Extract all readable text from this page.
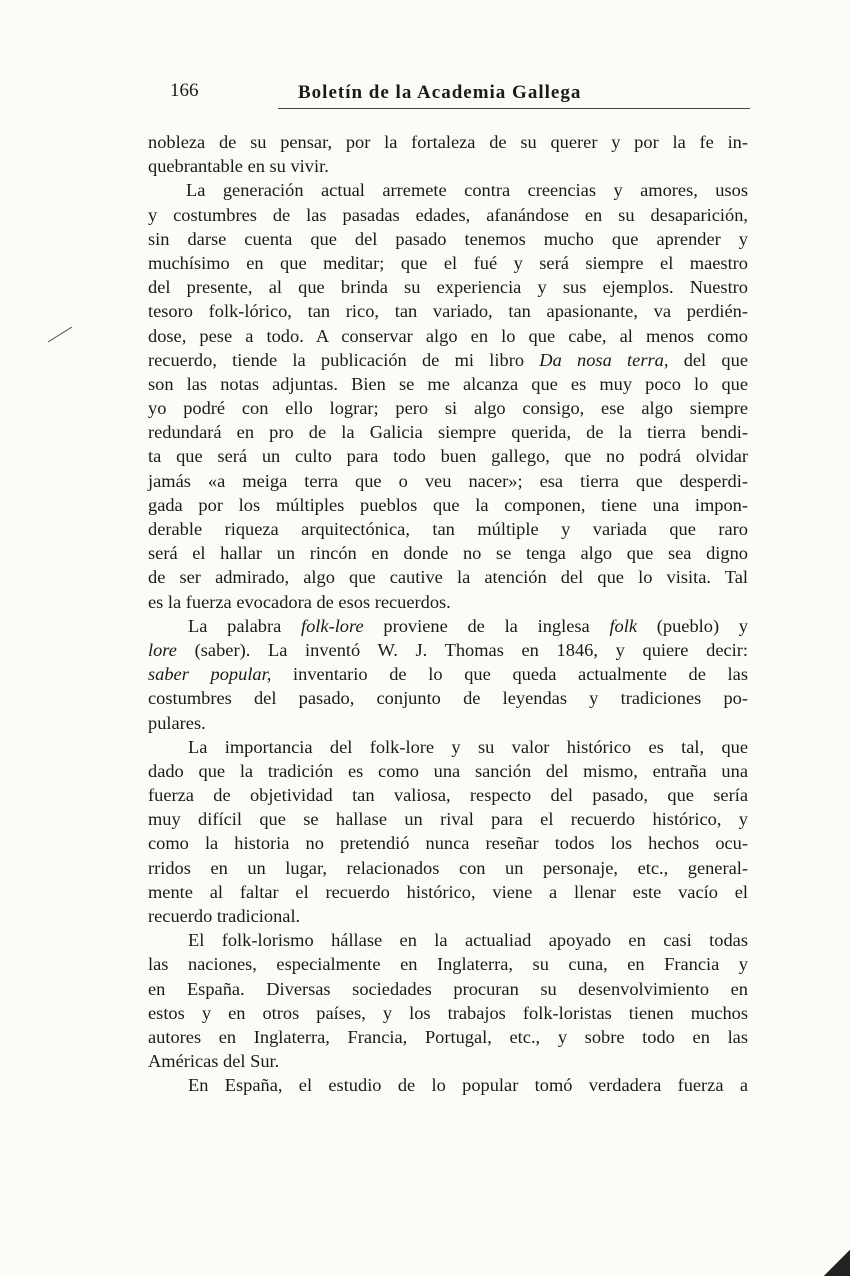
166	Boletín de la Academia Gallega
nobleza de su pensar, por la fortaleza de su querer y por la fe in-
quebrantable en su vivir.
La generación actual arremete contra creencias y amores, usos
y costumbres de las pasadas edades, afanándose en su desaparición,
sin darse cuenta que del pasado tenemos mucho que aprender y
muchísimo en que meditar; que el fué y será siempre el maestro
del presente, al que brinda su experiencia y sus ejemplos. Nuestro
tesoro folk-lórico, tan rico, tan variado, tan apasionante, va perdién-
dose, pese a todo. A conservar algo en lo que cabe, al menos como
recuerdo, tiende la publicación de mi libro Da nosa terra, del que
son las notas adjuntas. Bien se me alcanza que es muy poco lo que
yo podré con ello lograr; pero si algo consigo, ese algo siempre
redundará en pro de la Galicia siempre querida, de la tierra bendi-
ta que será un culto para todo buen gallego, que no podrá olvidar
jamás «a meiga terra que o veu nacer»; esa tierra que desperdi-
gada por los múltiples pueblos que la componen, tiene una impon-
derable riqueza arquitectónica, tan múltiple y variada que raro
será el hallar un rincón en donde no se tenga algo que sea digno
de ser admirado, algo que cautive la atención del que lo visita. Tal
es la fuerza evocadora de esos recuerdos.
La palabra folk-lore proviene de la inglesa folk (pueblo) y
lore (saber). La inventó W. J. Thomas en 1846, y quiere decir:
saber popular, inventario de lo que queda actualmente de las
costumbres del pasado, conjunto de leyendas y tradiciones po-
pulares.
La importancia del folk-lore y su valor histórico es tal, que
dado que la tradición es como una sanción del mismo, entraña una
fuerza de objetividad tan valiosa, respecto del pasado, que sería
muy difícil que se hallase un rival para el recuerdo histórico, y
como la historia no pretendió nunca reseñar todos los hechos ocu-
rridos en un lugar, relacionados con un personaje, etc., general-
mente al faltar el recuerdo histórico, viene a llenar este vacío el
recuerdo tradicional.
El folk-lorismo hállase en la actualiad apoyado en casi todas
las naciones, especialmente en Inglaterra, su cuna, en Francia y
en España. Diversas sociedades procuran su desenvolvimiento en
estos y en otros países, y los trabajos folk-loristas tienen muchos
autores en Inglaterra, Francia, Portugal, etc., y sobre todo en las
Américas del Sur.
En España, el estudio de lo popular tomó verdadera fuerza a
